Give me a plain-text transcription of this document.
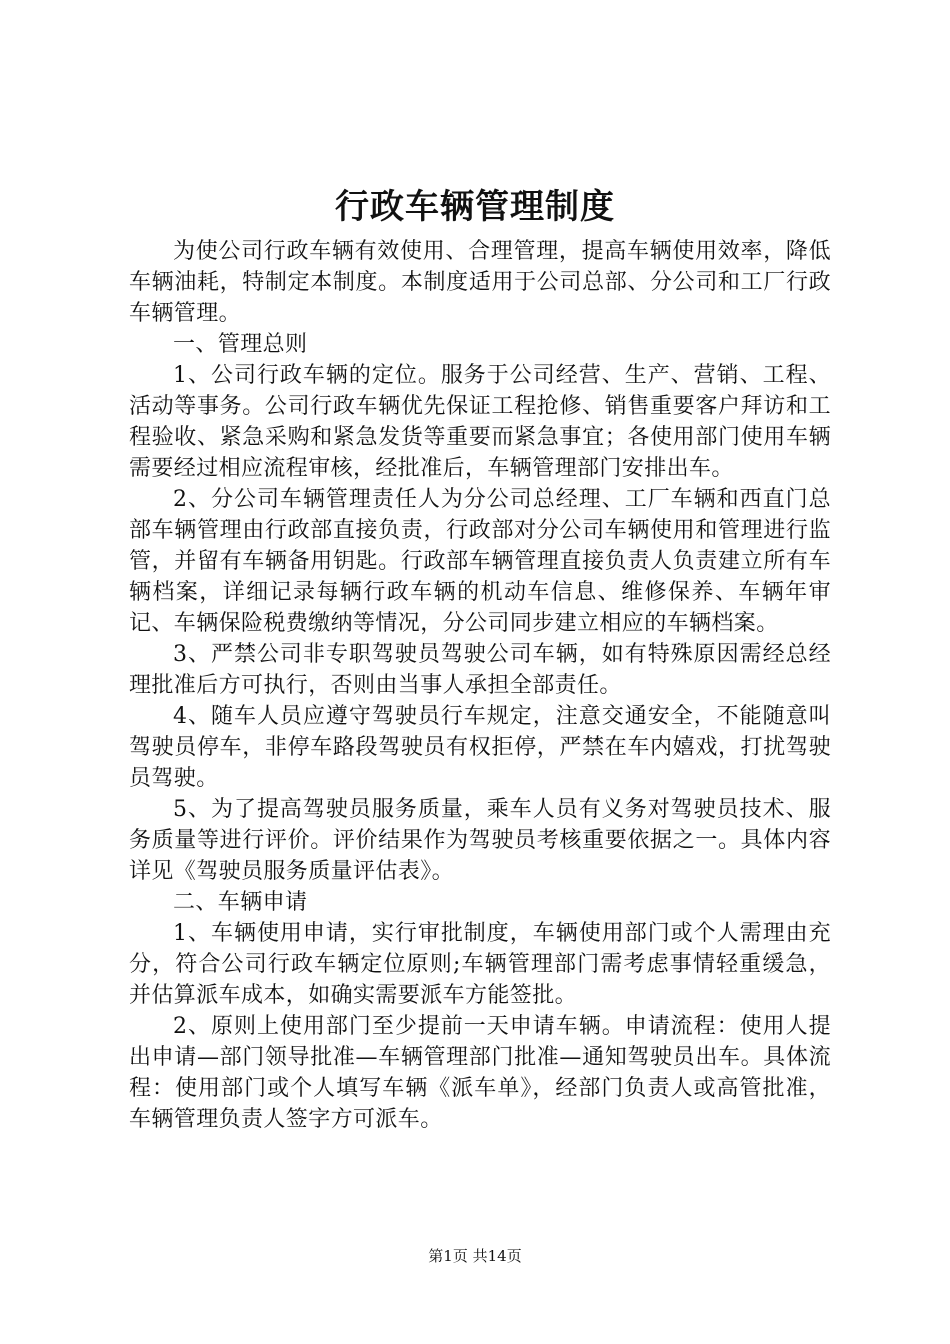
行政车辆管理制度

为使公司行政车辆有效使用、合理管理，提高车辆使用效率，降低车辆油耗，特制定本制度。本制度适用于公司总部、分公司和工厂行政车辆管理。

一、管理总则

1、公司行政车辆的定位。服务于公司经营、生产、营销、工程、活动等事务。公司行政车辆优先保证工程抢修、销售重要客户拜访和工程验收、紧急采购和紧急发货等重要而紧急事宜；各使用部门使用车辆需要经过相应流程审核，经批准后，车辆管理部门安排出车。

2、分公司车辆管理责任人为分公司总经理、工厂车辆和西直门总部车辆管理由行政部直接负责，行政部对分公司车辆使用和管理进行监管，并留有车辆备用钥匙。行政部车辆管理直接负责人负责建立所有车辆档案，详细记录每辆行政车辆的机动车信息、维修保养、车辆年审记、车辆保险税费缴纳等情况，分公司同步建立相应的车辆档案。

3、严禁公司非专职驾驶员驾驶公司车辆，如有特殊原因需经总经理批准后方可执行，否则由当事人承担全部责任。

4、随车人员应遵守驾驶员行车规定，注意交通安全，不能随意叫驾驶员停车，非停车路段驾驶员有权拒停，严禁在车内嬉戏，打扰驾驶员驾驶。

5、为了提高驾驶员服务质量，乘车人员有义务对驾驶员技术、服务质量等进行评价。评价结果作为驾驶员考核重要依据之一。具体内容详见《驾驶员服务质量评估表》。

二、车辆申请

1、车辆使用申请，实行审批制度，车辆使用部门或个人需理由充分，符合公司行政车辆定位原则;车辆管理部门需考虑事情轻重缓急，并估算派车成本，如确实需要派车方能签批。

2、原则上使用部门至少提前一天申请车辆。申请流程：使用人提出申请—部门领导批准—车辆管理部门批准—通知驾驶员出车。具体流程：使用部门或个人填写车辆《派车单》，经部门负责人或高管批准，车辆管理负责人签字方可派车。

第1页 共14页
